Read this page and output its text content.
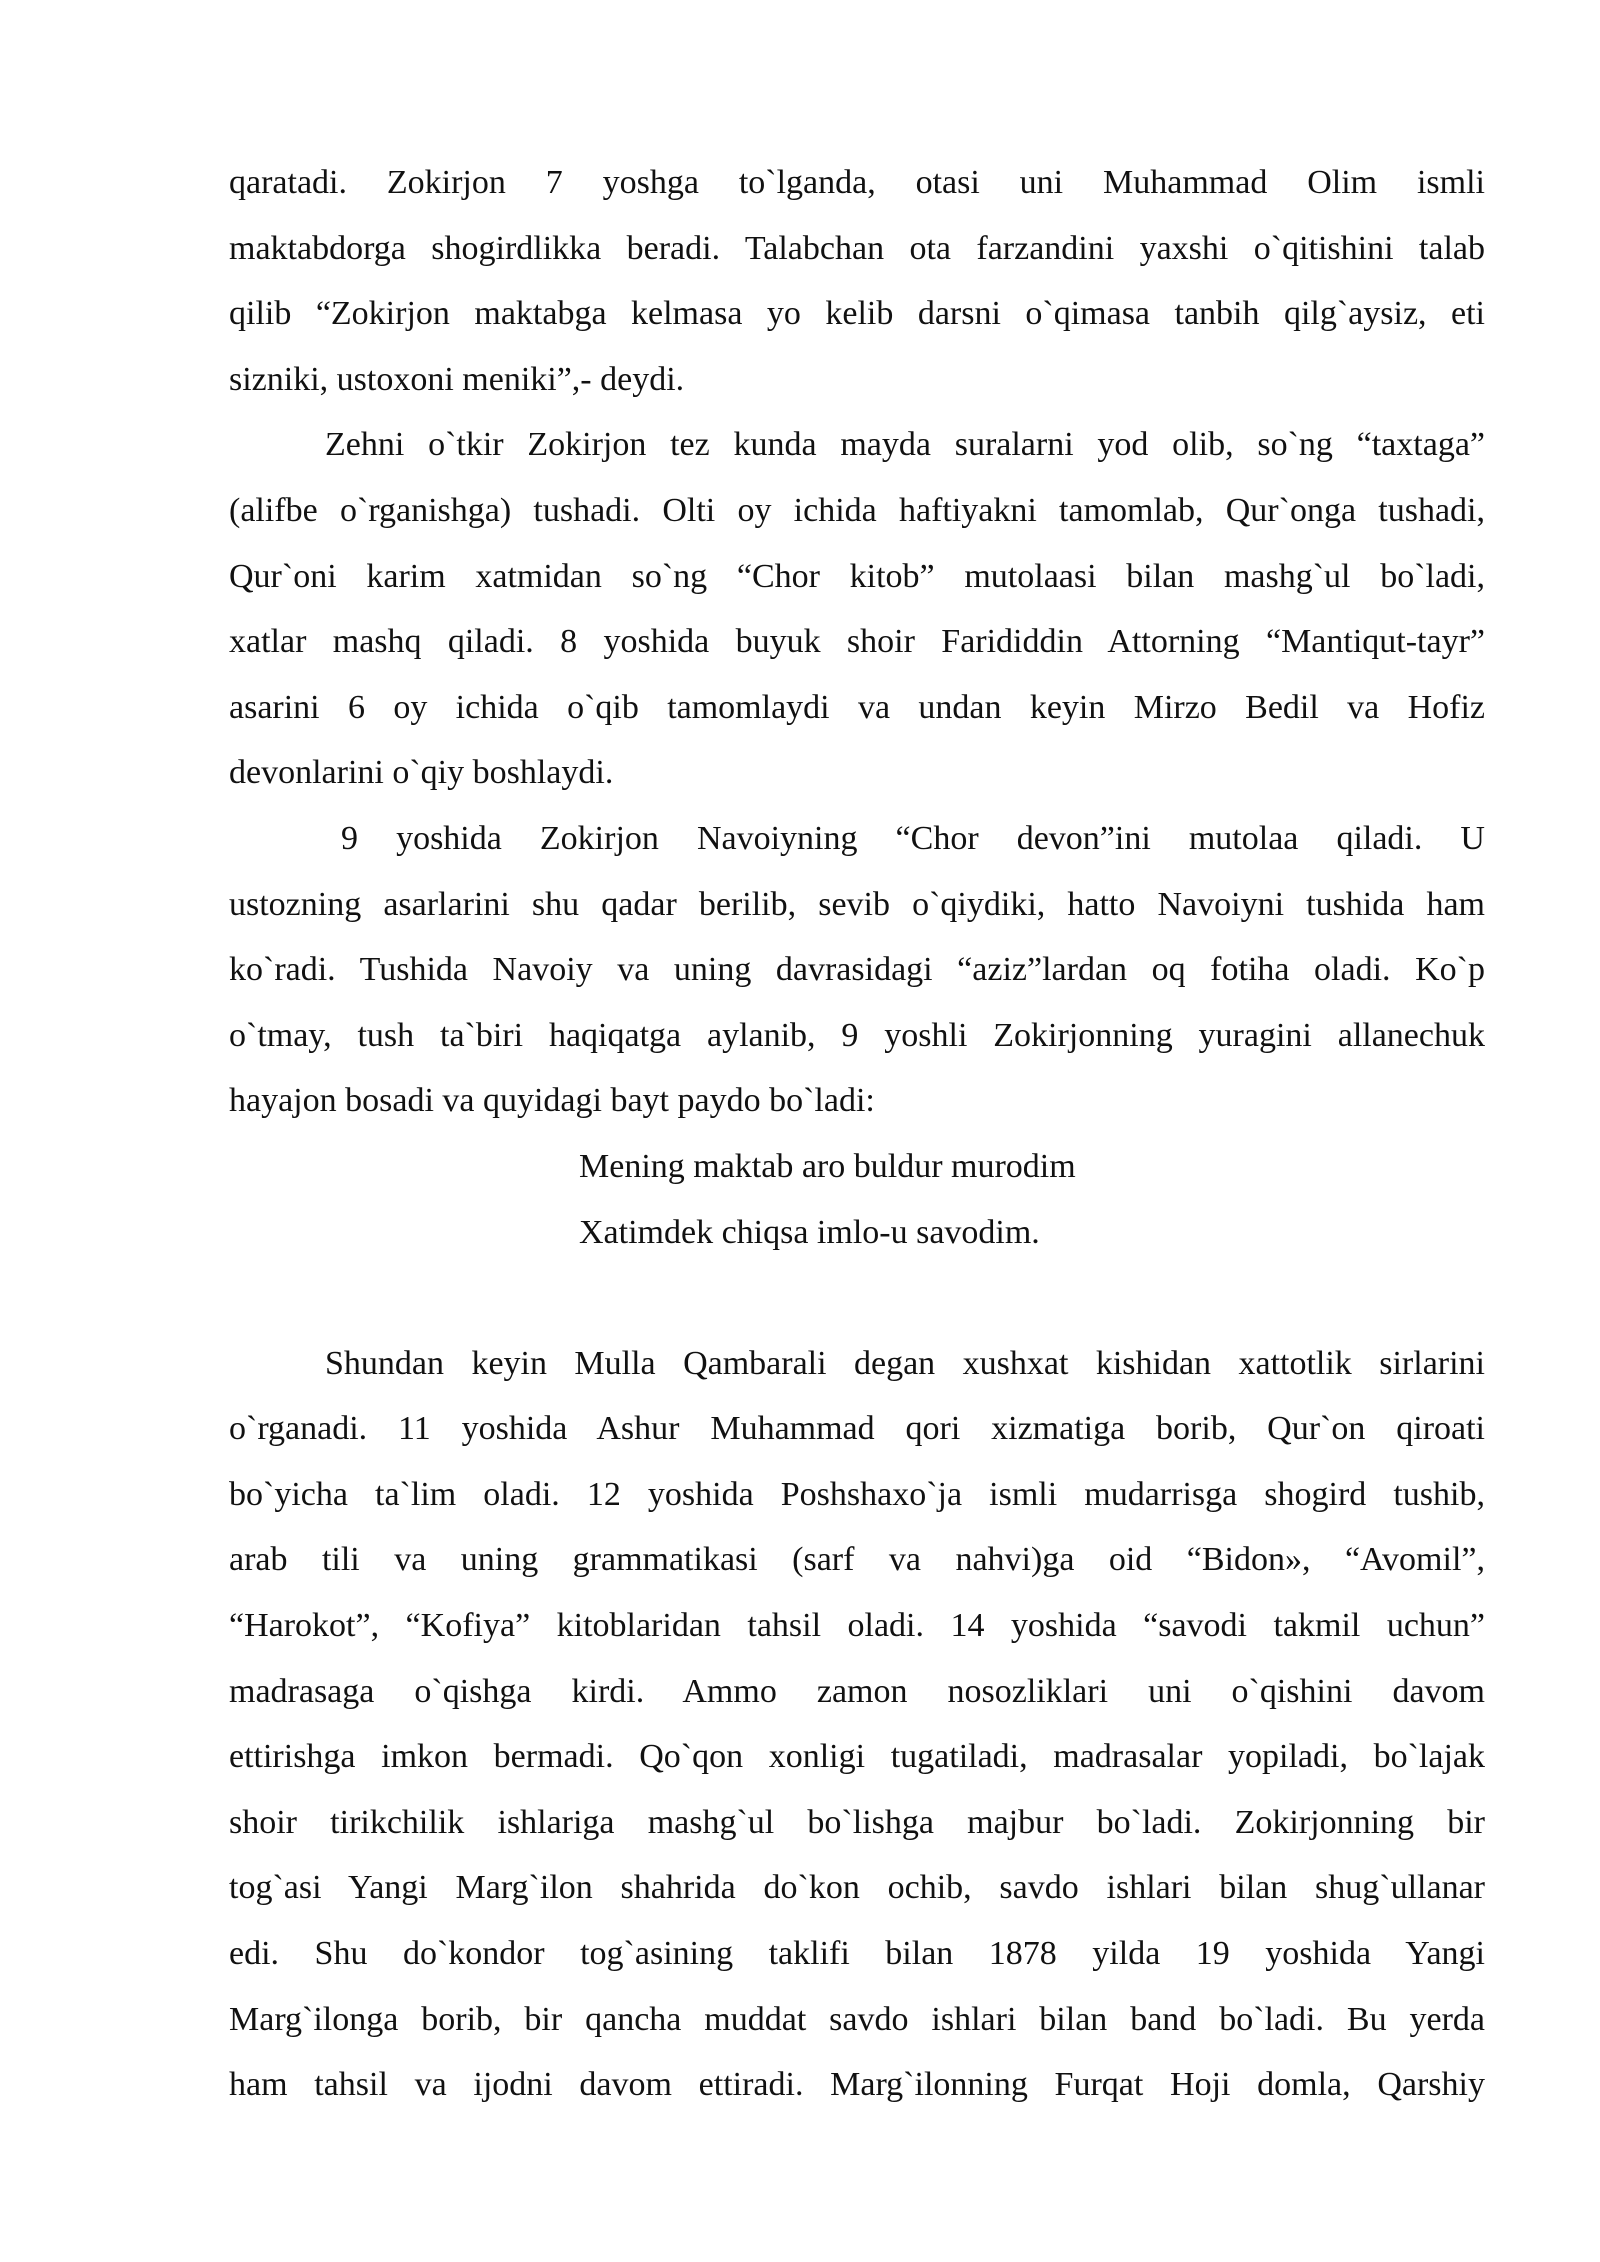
qaratadi. Zokirjon 7 yoshga to`lganda, otasi uni Muhammad Olim ismli
maktabdorga shogirdlikka beradi. Talabchan ota farzandini yaxshi o`qitishini talab
qilib “Zokirjon maktabga kelmasa yo kelib darsni o`qimasa tanbih qilg`aysiz, eti
sizniki, ustoxoni meniki”,- deydi.
Zehni o`tkir Zokirjon tez kunda mayda suralarni yod olib, so`ng “taxtaga”
(alifbe o`rganishga) tushadi. Olti oy ichida haftiyakni tamomlab, Qur`onga tushadi,
Qur`oni karim xatmidan so`ng “Chor kitob” mutolaasi bilan mashg`ul bo`ladi,
xatlar mashq qiladi. 8 yoshida buyuk shoir Farididdin Attorning “Mantiqut-tayr”
asarini 6 oy ichida o`qib tamomlaydi va undan keyin Mirzo Bedil va Hofiz
devonlarini o`qiy boshlaydi.
9 yoshida Zokirjon Navoiyning “Chor devon”ini mutolaa qiladi. U
ustozning asarlarini shu qadar berilib, sevib o`qiydiki, hatto Navoiyni tushida ham
ko`radi. Tushida Navoiy va uning davrasidagi “aziz”lardan oq fotiha oladi. Ko`p
o`tmay, tush ta`biri haqiqatga aylanib, 9 yoshli Zokirjonning yuragini allanechuk
hayajon bosadi va quyidagi bayt paydo bo`ladi:
Mening maktab aro buldur murodim
Xatimdek chiqsa imlo-u savodim.
Shundan keyin Mulla Qambarali degan xushxat kishidan xattotlik sirlarini
o`rganadi. 11 yoshida Ashur Muhammad qori xizmatiga borib, Qur`on qiroati
bo`yicha ta`lim oladi. 12 yoshida Poshshaxo`ja ismli mudarrisga shogird tushib,
arab tili va uning grammatikasi (sarf va nahvi)ga oid “Bidon», “Avomil”,
“Harokot”, “Kofiya” kitoblaridan tahsil oladi. 14 yoshida “savodi takmil uchun”
madrasaga o`qishga kirdi. Ammo zamon nosozliklari uni o`qishini davom
ettirishga imkon bermadi. Qo`qon xonligi tugatiladi, madrasalar yopiladi, bo`lajak
shoir tirikchilik ishlariga mashg`ul bo`lishga majbur bo`ladi. Zokirjonning bir
tog`asi Yangi Marg`ilon shahrida do`kon ochib, savdo ishlari bilan shug`ullanar
edi. Shu do`kondor tog`asining taklifi bilan 1878 yilda 19 yoshida Yangi
Marg`ilonga borib, bir qancha muddat savdo ishlari bilan band bo`ladi. Bu yerda
ham tahsil va ijodni davom ettiradi. Marg`ilonning Furqat Hoji domla, Qarshiy
